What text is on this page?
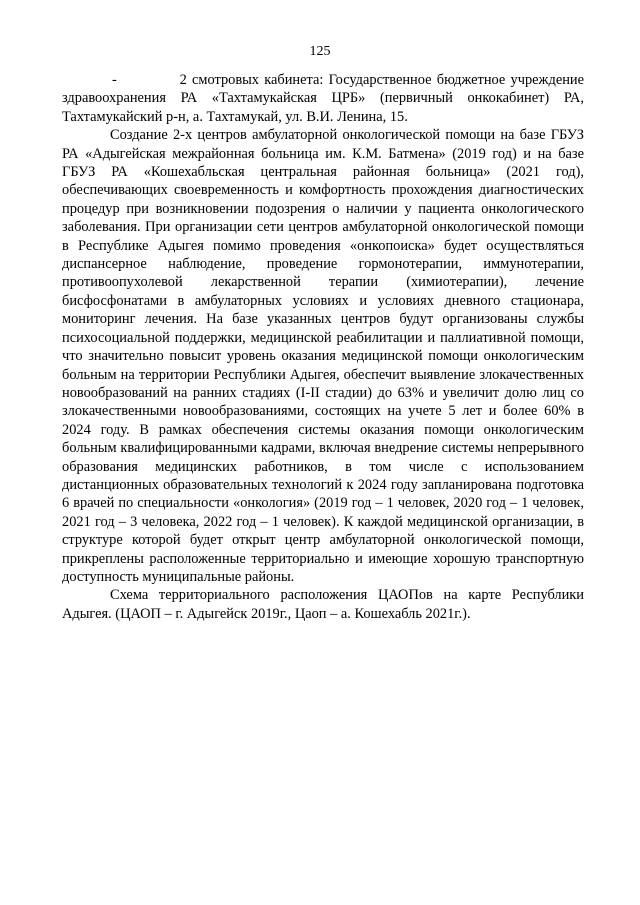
125

-            2 смотровых кабинета: Государственное бюджетное учреждение здравоохранения РА «Тахтамукайская ЦРБ» (первичный онкокабинет) РА, Тахтамукайский р-н, а. Тахтамукай, ул. В.И. Ленина, 15.

Создание 2-х центров амбулаторной онкологической помощи на базе ГБУЗ РА «Адыгейская межрайонная больница им. К.М. Батмена» (2019 год) и на базе ГБУЗ РА «Кошехабльская центральная районная больница» (2021 год), обеспечивающих своевременность и комфортность прохождения диагностических процедур при возникновении подозрения о наличии у пациента онкологического заболевания. При организации сети центров амбулаторной онкологической помощи в Республике Адыгея помимо проведения «онкопоиска» будет осуществляться диспансерное наблюдение, проведение гормонотерапии, иммунотерапии, противоопухолевой лекарственной терапии (химиотерапии), лечение бисфосфонатами в амбулаторных условиях и условиях дневного стационара, мониторинг лечения. На базе указанных центров будут организованы службы психосоциальной поддержки, медицинской реабилитации и паллиативной помощи, что значительно повысит уровень оказания медицинской помощи онкологическим больным на территории Республики Адыгея, обеспечит выявление злокачественных новообразований на ранних стадиях (I-II стадии) до 63% и увеличит долю лиц со злокачественными новообразованиями, состоящих на учете 5 лет и более 60% в 2024 году. В рамках обеспечения системы оказания помощи онкологическим больным квалифицированными кадрами, включая внедрение системы непрерывного образования медицинских работников, в том числе с использованием дистанционных образовательных технологий к 2024 году запланирована подготовка 6 врачей по специальности «онкология» (2019 год – 1 человек, 2020 год – 1 человек, 2021 год – 3 человека, 2022 год – 1 человек). К каждой медицинской организации, в структуре которой будет открыт центр амбулаторной онкологической помощи, прикреплены расположенные территориально и имеющие хорошую транспортную доступность муниципальные районы.

Схема территориального расположения ЦАОПов на карте Республики Адыгея. (ЦАОП – г. Адыгейск 2019г., Цаоп – а. Кошехабль 2021г.).
